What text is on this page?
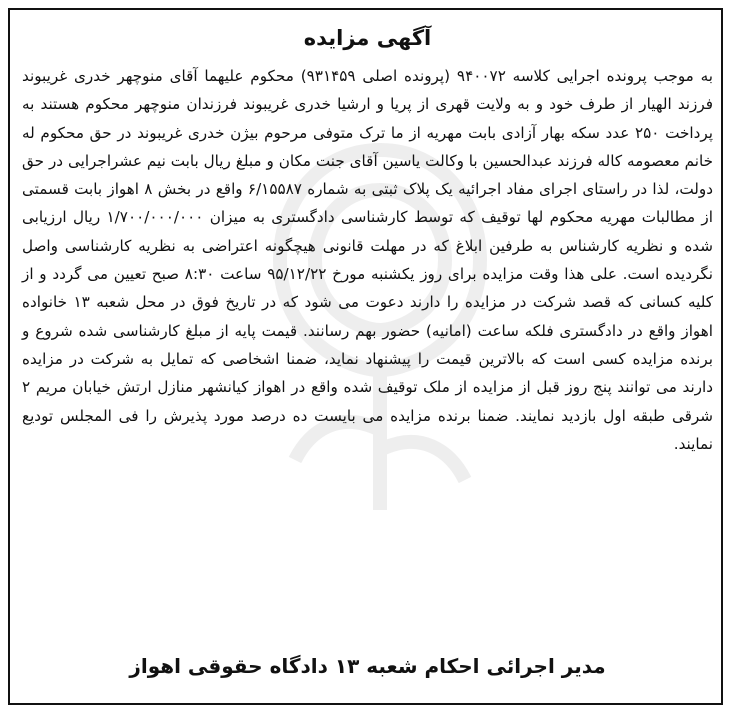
آگهی مزایده
به موجب پرونده اجرایی کلاسه ۹۴۰۰۷۲ (پرونده اصلی ۹۳۱۴۵۹) محکوم علیهما آقای منوچهر خدری غریبوند فرزند الهیار از طرف خود و به ولایت قهری از پریا و ارشیا خدری غریبوند فرزندان منوچهر محکوم هستند به پرداخت ۲۵۰ عدد سکه بهار آزادی بابت مهریه از ما ترک متوفی مرحوم بیژن خدری غریبوند در حق محکوم له خانم معصومه کاله فرزند عبدالحسین با وکالت یاسین آقای جنت مکان و مبلغ ریال بابت نیم عشراجرایی در حق دولت، لذا در راستای اجرای مفاد اجرائیه یک پلاک ثبتی به شماره ۶/۱۵۵۸۷ واقع در بخش ۸ اهواز بابت قسمتی از مطالبات مهریه محکوم لها توقیف که توسط کارشناسی دادگستری به میزان ۱/۷۰۰/۰۰۰/۰۰۰ ریال ارزیابی شده و نظریه کارشناس به طرفین ابلاغ که در مهلت قانونی هیچگونه اعتراضی به نظریه کارشناسی واصل نگردیده است. علی هذا وقت مزایده برای روز یکشنبه مورخ ۹۵/۱۲/۲۲ ساعت ۸:۳۰ صبح تعیین می گردد و از کلیه کسانی که قصد شرکت در مزایده را دارند دعوت می شود که در تاریخ فوق در محل شعبه ۱۳ خانواده اهواز واقع در دادگستری فلکه ساعت (امانیه) حضور بهم رسانند. قیمت پایه از مبلغ کارشناسی شده شروع و برنده مزایده کسی است که بالاترین قیمت را پیشنهاد نماید، ضمنا اشخاصی که تمایل به شرکت در مزایده دارند می توانند پنج روز قبل از مزایده از ملک توقیف شده واقع در اهواز کیانشهر منازل ارتش خیابان مریم ۲ شرقی طبقه اول بازدید نمایند. ضمنا برنده مزایده می بایست ده درصد مورد پذیرش را فی المجلس توديع نمايند.
مدیر اجرائی احکام شعبه ۱۳ دادگاه حقوقی اهواز
